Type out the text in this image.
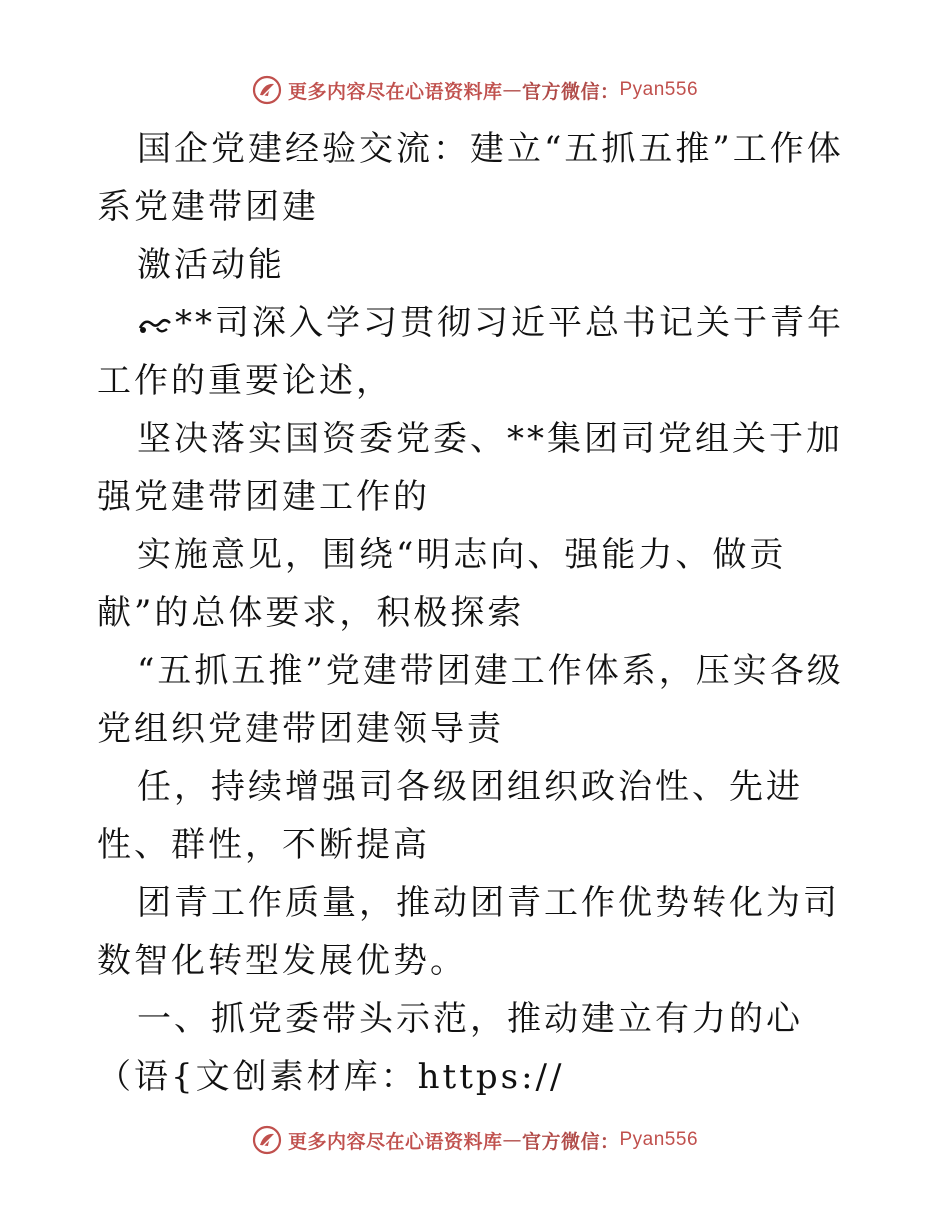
更多内容尽在心语资料库 — 官方微信： Pyan556

国企党建经验交流：建立“五抓五推”工作体系党建带团建

激活动能

**司深入学习贯彻习近平总书记关于青年工作的重要论述，

坚决落实国资委党委、**集团司党组关于加强党建带团建工作的

实施意见，围绕“明志向、强能力、做贡献”的总体要求，积极探索

“五抓五推”党建带团建工作体系，压实各级党组织党建带团建领导责

任，持续增强司各级团组织政治性、先进性、群性，不断提高

团青工作质量，推动团青工作优势转化为司数智化转型发展优势。

一、抓党委带头示范，推动建立有力的心（语{文创素材库：https://

更多内容尽在心语资料库 — 官方微信： Pyan556
